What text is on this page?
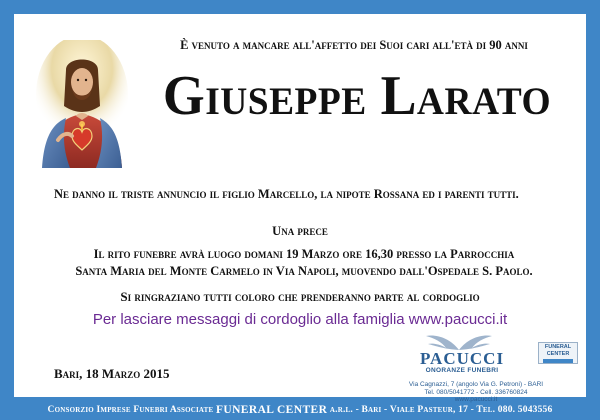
È venuto a mancare all'affetto dei Suoi cari all'età di 90 anni
Giuseppe Larato
Ne danno il triste annuncio il figlio Marcello, la nipote Rossana ed i parenti tutti.
Una prece
Il rito funebre avrà luogo domani 19 Marzo ore 16,30 presso la Parrocchia
Santa Maria del Monte Carmelo in Via Napoli, muovendo dall'Ospedale S. Paolo.
Si ringraziano tutti coloro che prenderanno parte al cordoglio
Per lasciare messaggi di cordoglio alla famiglia www.pacucci.it
Bari, 18 Marzo 2015
PACUCCI
ONORANZE FUNEBRI
Via Cagnazzi, 7 (angolo Via G. Petroni) - BARI
Tel. 080/5041772 - Cell. 336760824
www.pacucci.it
FUNERAL
CENTER
Consorzio Imprese Funebri Associate
FUNERAL CENTER
a.r.l. - Bari - Viale Pasteur, 17 - Tel. 080. 5043556
